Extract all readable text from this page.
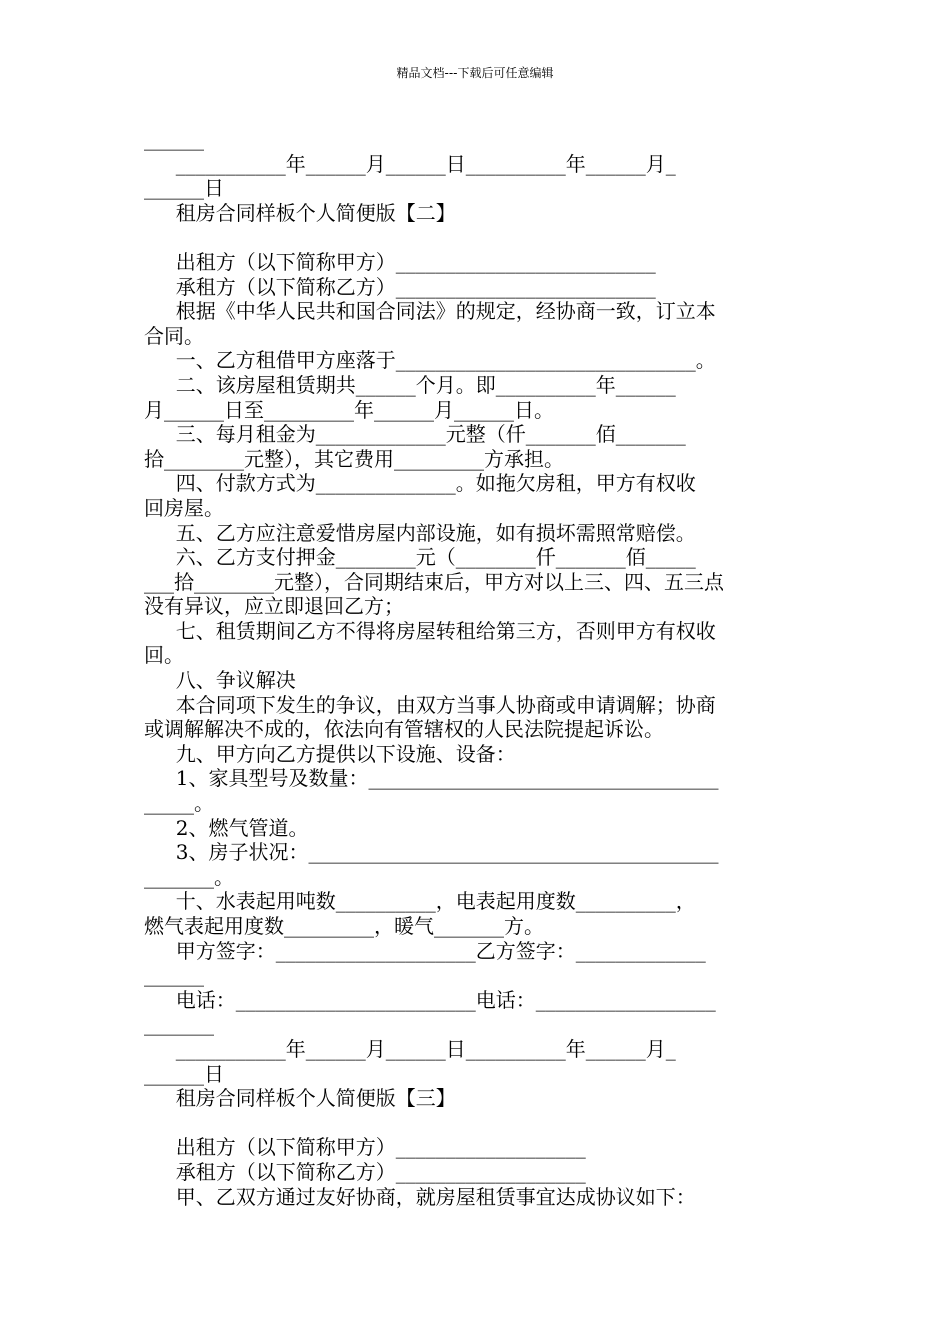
精品文档---下载后可任意编辑
______
___________年______月______日__________年______月_
______日
租房合同样板个人简便版【二】
出租方（以下简称甲方）__________________________
承租方（以下简称乙方）__________________________
根据《中华人民共和国合同法》的规定，经协商一致，订立本
合同。
一、乙方租借甲方座落于______________________________。
二、该房屋租赁期共______个月。即__________年______
月______日至_________年______月______日。
三、每月租金为_____________元整（仟_______佰_______
拾________元整），其它费用_________方承担。
四、付款方式为______________。如拖欠房租，甲方有权收
回房屋。
五、乙方应注意爱惜房屋内部设施，如有损坏需照常赔偿。
六、乙方支付押金________元（________仟_______佰_____
___拾________元整），合同期结束后，甲方对以上三、四、五三点
没有异议，应立即退回乙方；
七、租赁期间乙方不得将房屋转租给第三方，否则甲方有权收
回。
八、争议解决
本合同项下发生的争议，由双方当事人协商或申请调解；协商
或调解解决不成的，依法向有管辖权的人民法院提起诉讼。
九、甲方向乙方提供以下设施、设备：
1、家具型号及数量：___________________________________
_____。
2、燃气管道。
3、房子状况：_________________________________________
_______。
十、水表起用吨数__________，电表起用度数__________，
燃气表起用度数_________，暖气_______方。
甲方签字：____________________乙方签字：_____________
______
电话：________________________电话：__________________
_______
___________年______月______日__________年______月_
______日
租房合同样板个人简便版【三】
出租方（以下简称甲方）___________________
承租方（以下简称乙方）___________________
甲、乙双方通过友好协商，就房屋租赁事宜达成协议如下：
